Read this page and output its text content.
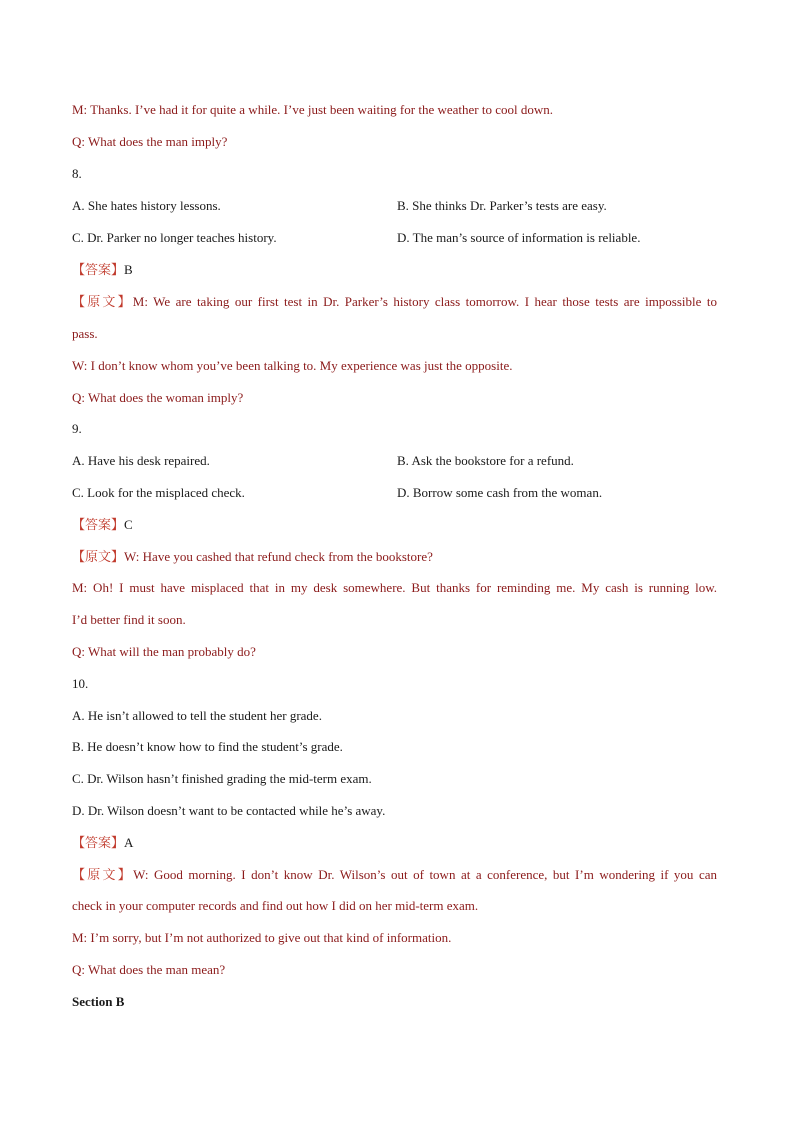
M: Thanks. I’ve had it for quite a while. I’ve just been waiting for the weather to cool down.
Q: What does the man imply?
8.
A. She hates history lessons.	B. She thinks Dr. Parker’s tests are easy.
C. Dr. Parker no longer teaches history.	D. The man’s source of information is reliable.
【答案】B
【原文】M: We are taking our first test in Dr. Parker’s history class tomorrow. I hear those tests are impossible to
pass.
W: I don’t know whom you’ve been talking to. My experience was just the opposite.
Q: What does the woman imply?
9.
A. Have his desk repaired.	B. Ask the bookstore for a refund.
C. Look for the misplaced check.	D. Borrow some cash from the woman.
【答案】C
【原文】W: Have you cashed that refund check from the bookstore?
M: Oh! I must have misplaced that in my desk somewhere. But thanks for reminding me. My cash is running low.
I’d better find it soon.
Q: What will the man probably do?
10.
A. He isn’t allowed to tell the student her grade.
B. He doesn’t know how to find the student’s grade.
C. Dr. Wilson hasn’t finished grading the mid-term exam.
D. Dr. Wilson doesn’t want to be contacted while he’s away.
【答案】A
【原文】W: Good morning. I don’t know Dr. Wilson’s out of town at a conference, but I’m wondering if you can
check in your computer records and find out how I did on her mid-term exam.
M: I’m sorry, but I’m not authorized to give out that kind of information.
Q: What does the man mean?
Section B
